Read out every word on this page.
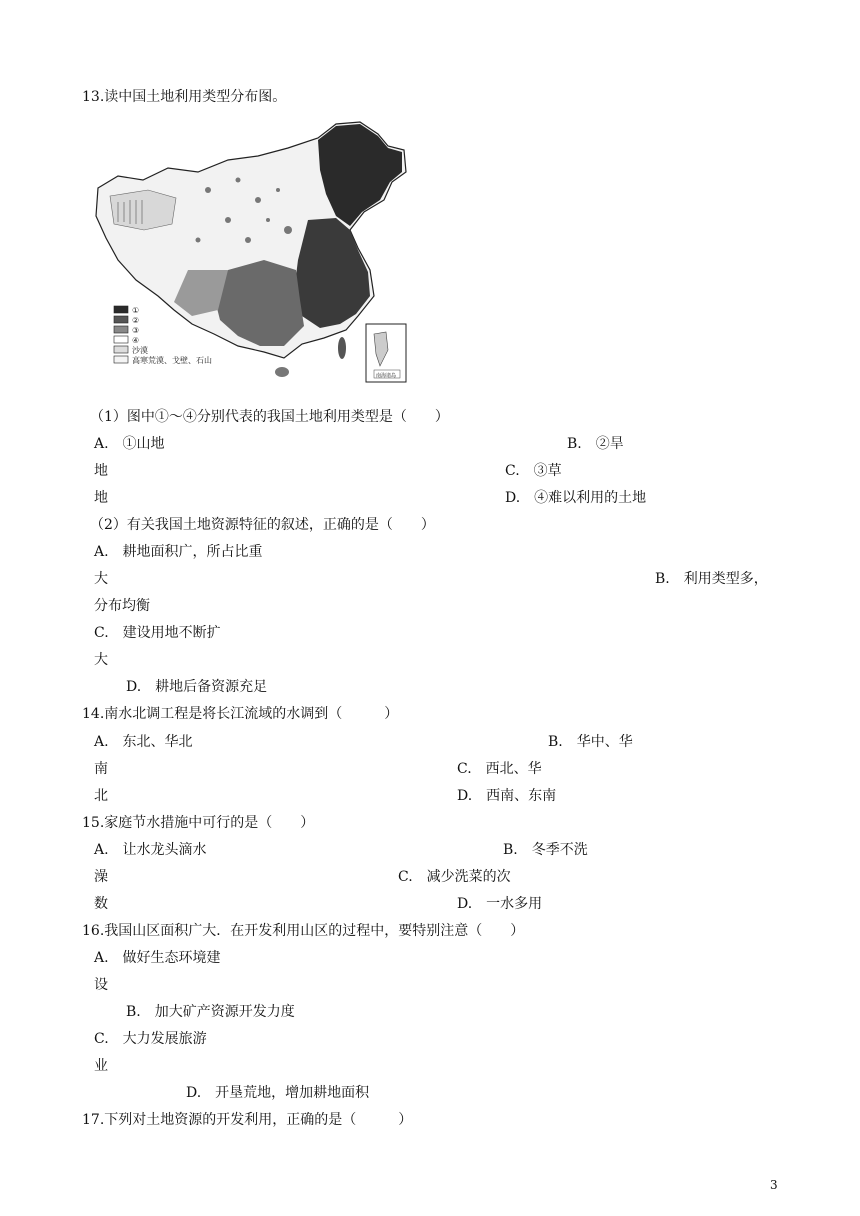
13.读中国土地利用类型分布图。
①
②
③
④
沙漠
高寒荒漠、戈壁、石山
南海诸岛
（1）图中①～④分别代表的我国土地利用类型是（　　）
A.　①山地	B.　②旱
地	C.　③草
地	D.　④难以利用的土地
（2）有关我国土地资源特征的叙述，正确的是（　　）
A.　耕地面积广，所占比重
大	B.　利用类型多，
分布均衡
C.　建设用地不断扩
大
D.　耕地后备资源充足
14.南水北调工程是将长江流域的水调到（　　　）
A.　东北、华北	B.　华中、华
南	C.　西北、华
北	D.　西南、东南
15.家庭节水措施中可行的是（　　）
A.　让水龙头滴水	B.　冬季不洗
澡	C.　减少洗菜的次
数	D.　一水多用
16.我国山区面积广大．在开发利用山区的过程中，要特别注意（　　）
A.　做好生态环境建
设
B.　加大矿产资源开发力度
C.　大力发展旅游
业
D.　开垦荒地，增加耕地面积
17.下列对土地资源的开发利用，正确的是（　　　）
3
